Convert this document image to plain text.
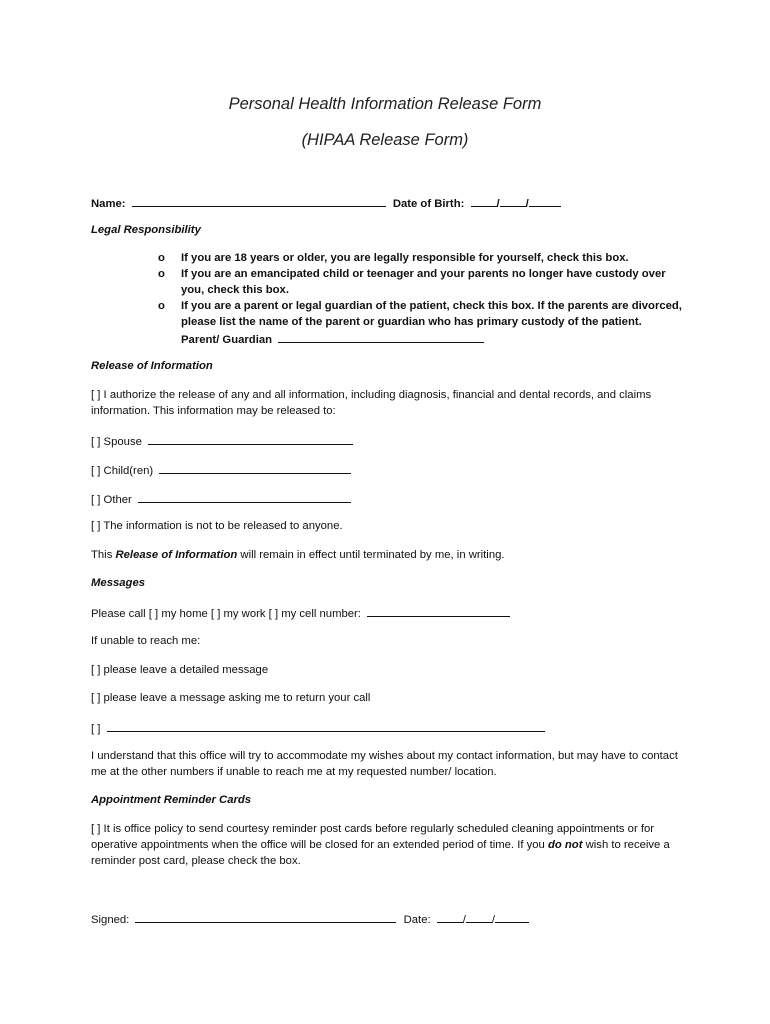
Personal Health Information Release Form
(HIPAA Release Form)
Name:	Date of Birth:	/ /
Legal Responsibility
o If you are 18 years or older, you are legally responsible for yourself, check this box.
o If you are an emancipated child or teenager and your parents no longer have custody over you, check this box.
o If you are a parent or legal guardian of the patient, check this box. If the parents are divorced, please list the name of the parent or guardian who has primary custody of the patient.
Parent/ Guardian
Release of Information
[ ] I authorize the release of any and all information, including diagnosis, financial and dental records, and claims information. This information may be released to:
[ ] Spouse
[ ] Child(ren)
[ ] Other
[ ] The information is not to be released to anyone.
This Release of Information will remain in effect until terminated by me, in writing.
Messages
Please call [ ] my home [ ] my work [ ] my cell number:
If unable to reach me:
[ ] please leave a detailed message
[ ] please leave a message asking me to return your call
[ ]
I understand that this office will try to accommodate my wishes about my contact information, but may have to contact me at the other numbers if unable to reach me at my requested number/ location.
Appointment Reminder Cards
[ ] It is office policy to send courtesy reminder post cards before regularly scheduled cleaning appointments or for operative appointments when the office will be closed for an extended period of time. If you do not wish to receive a reminder post card, please check the box.
Signed:	Date:	/ /
